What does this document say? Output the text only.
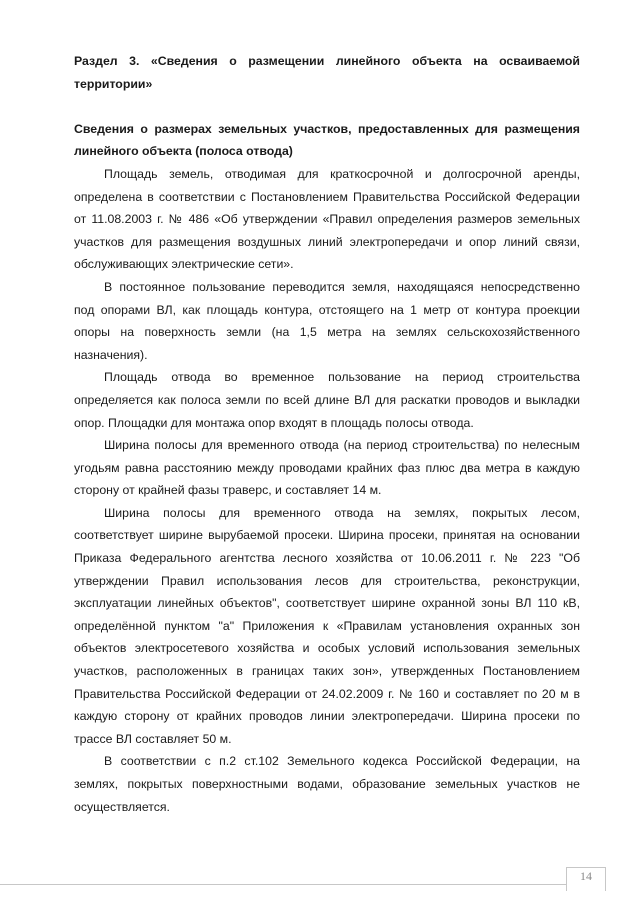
Раздел 3. «Сведения о размещении линейного объекта на осваиваемой территории»

Сведения о размерах земельных участков, предоставленных для размещения линейного объекта (полоса отвода)

Площадь земель, отводимая для краткосрочной и долгосрочной аренды, определена в соответствии с Постановлением Правительства Российской Федерации от 11.08.2003 г. № 486 «Об утверждении «Правил определения размеров земельных участков для размещения воздушных линий электропередачи и опор линий связи, обслуживающих электрические сети».

В постоянное пользование переводится земля, находящаяся непосредственно под опорами ВЛ, как площадь контура, отстоящего на 1 метр от контура проекции опоры на поверхность земли (на 1,5 метра на землях сельскохозяйственного назначения).

Площадь отвода во временное пользование на период строительства определяется как полоса земли по всей длине ВЛ для раскатки проводов и выкладки опор. Площадки для монтажа опор входят в площадь полосы отвода.

Ширина полосы для временного отвода (на период строительства) по нелесным угодьям равна расстоянию между проводами крайних фаз плюс два метра в каждую сторону от крайней фазы траверс, и составляет 14 м.

Ширина полосы для временного отвода на землях, покрытых лесом, соответствует ширине вырубаемой просеки. Ширина просеки, принятая на основании Приказа Федерального агентства лесного хозяйства от 10.06.2011 г. № 223 "Об утверждении Правил использования лесов для строительства, реконструкции, эксплуатации линейных объектов", соответствует ширине охранной зоны ВЛ 110 кВ, определённой пунктом "а" Приложения к «Правилам установления охранных зон объектов электросетевого хозяйства и особых условий использования земельных участков, расположенных в границах таких зон», утвержденных Постановлением Правительства Российской Федерации от 24.02.2009 г. № 160 и составляет по 20 м в каждую сторону от крайних проводов линии электропередачи. Ширина просеки по трассе ВЛ составляет 50 м.

В соответствии с п.2 ст.102 Земельного кодекса Российской Федерации, на землях, покрытых поверхностными водами, образование земельных участков не осуществляется.

14
